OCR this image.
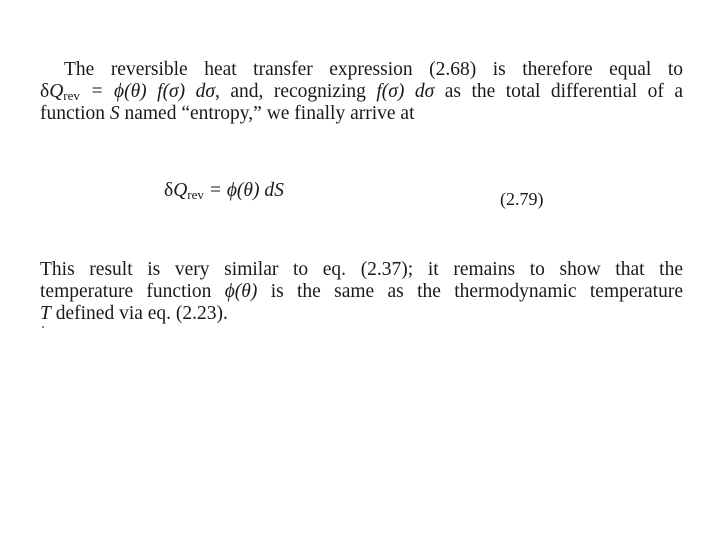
The reversible heat transfer expression (2.68) is therefore equal to
$\delta Q_{rev} = \phi(\theta)$ f(σ) dσ, and, recognizing f(σ) dσ as the total differential of a
function S named “entropy,” we finally arrive at
$\delta Q_{rev} = \phi(\theta)$ dS	(2.79)
This result is very similar to eq. (2.37); it remains to show that the
temperature function ϕ(θ) is the same as the thermodynamic temperature
T defined via eq. (2.23).
